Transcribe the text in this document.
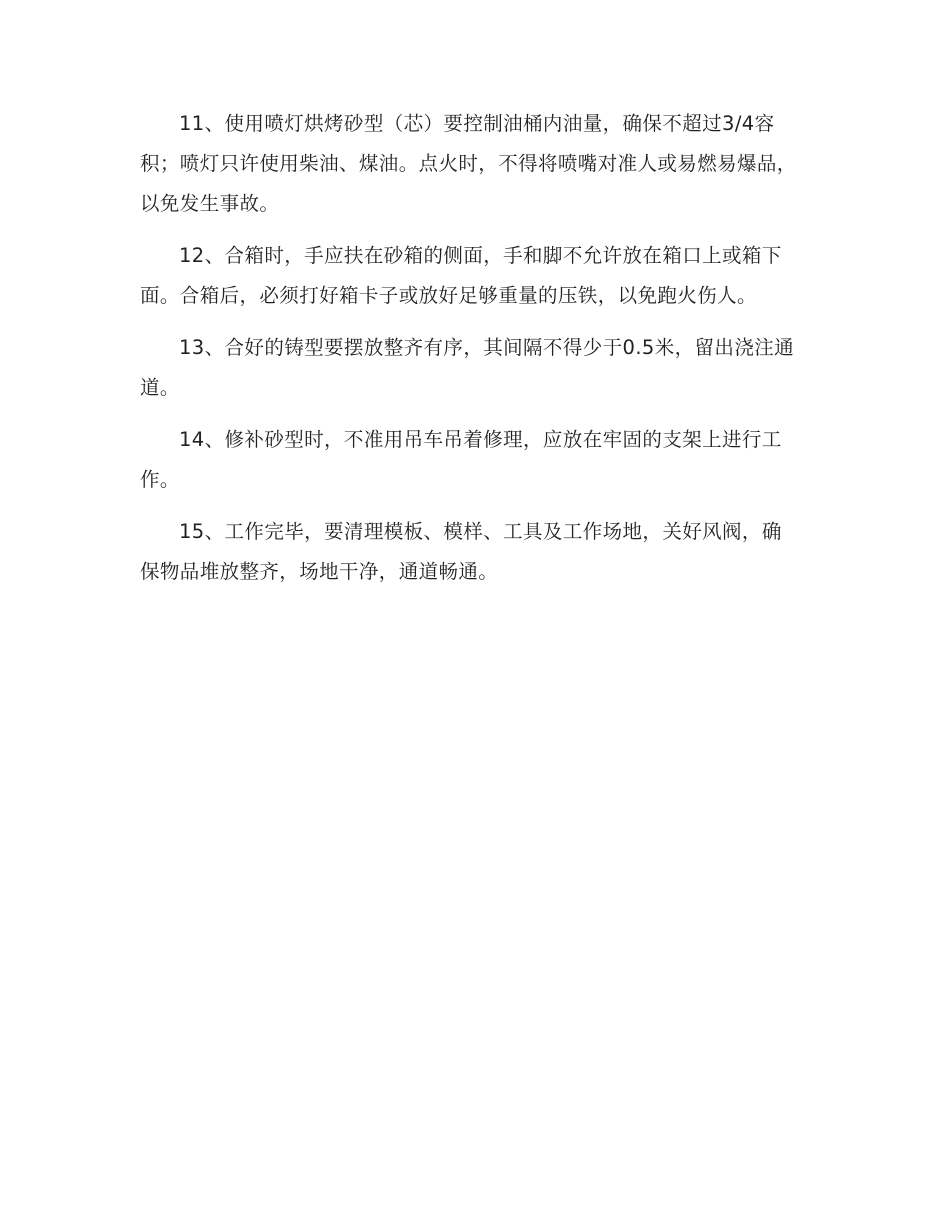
11、使用喷灯烘烤砂型（芯）要控制油桶内油量，确保不超过3/4容积；喷灯只许使用柴油、煤油。点火时，不得将喷嘴对准人或易燃易爆品，以免发生事故。

12、合箱时，手应扶在砂箱的侧面，手和脚不允许放在箱口上或箱下面。合箱后，必须打好箱卡子或放好足够重量的压铁，以免跑火伤人。

13、合好的铸型要摆放整齐有序，其间隔不得少于0.5米，留出浇注通道。

14、修补砂型时，不准用吊车吊着修理，应放在牢固的支架上进行工作。

15、工作完毕，要清理模板、模样、工具及工作场地，关好风阀，确保物品堆放整齐，场地干净，通道畅通。
